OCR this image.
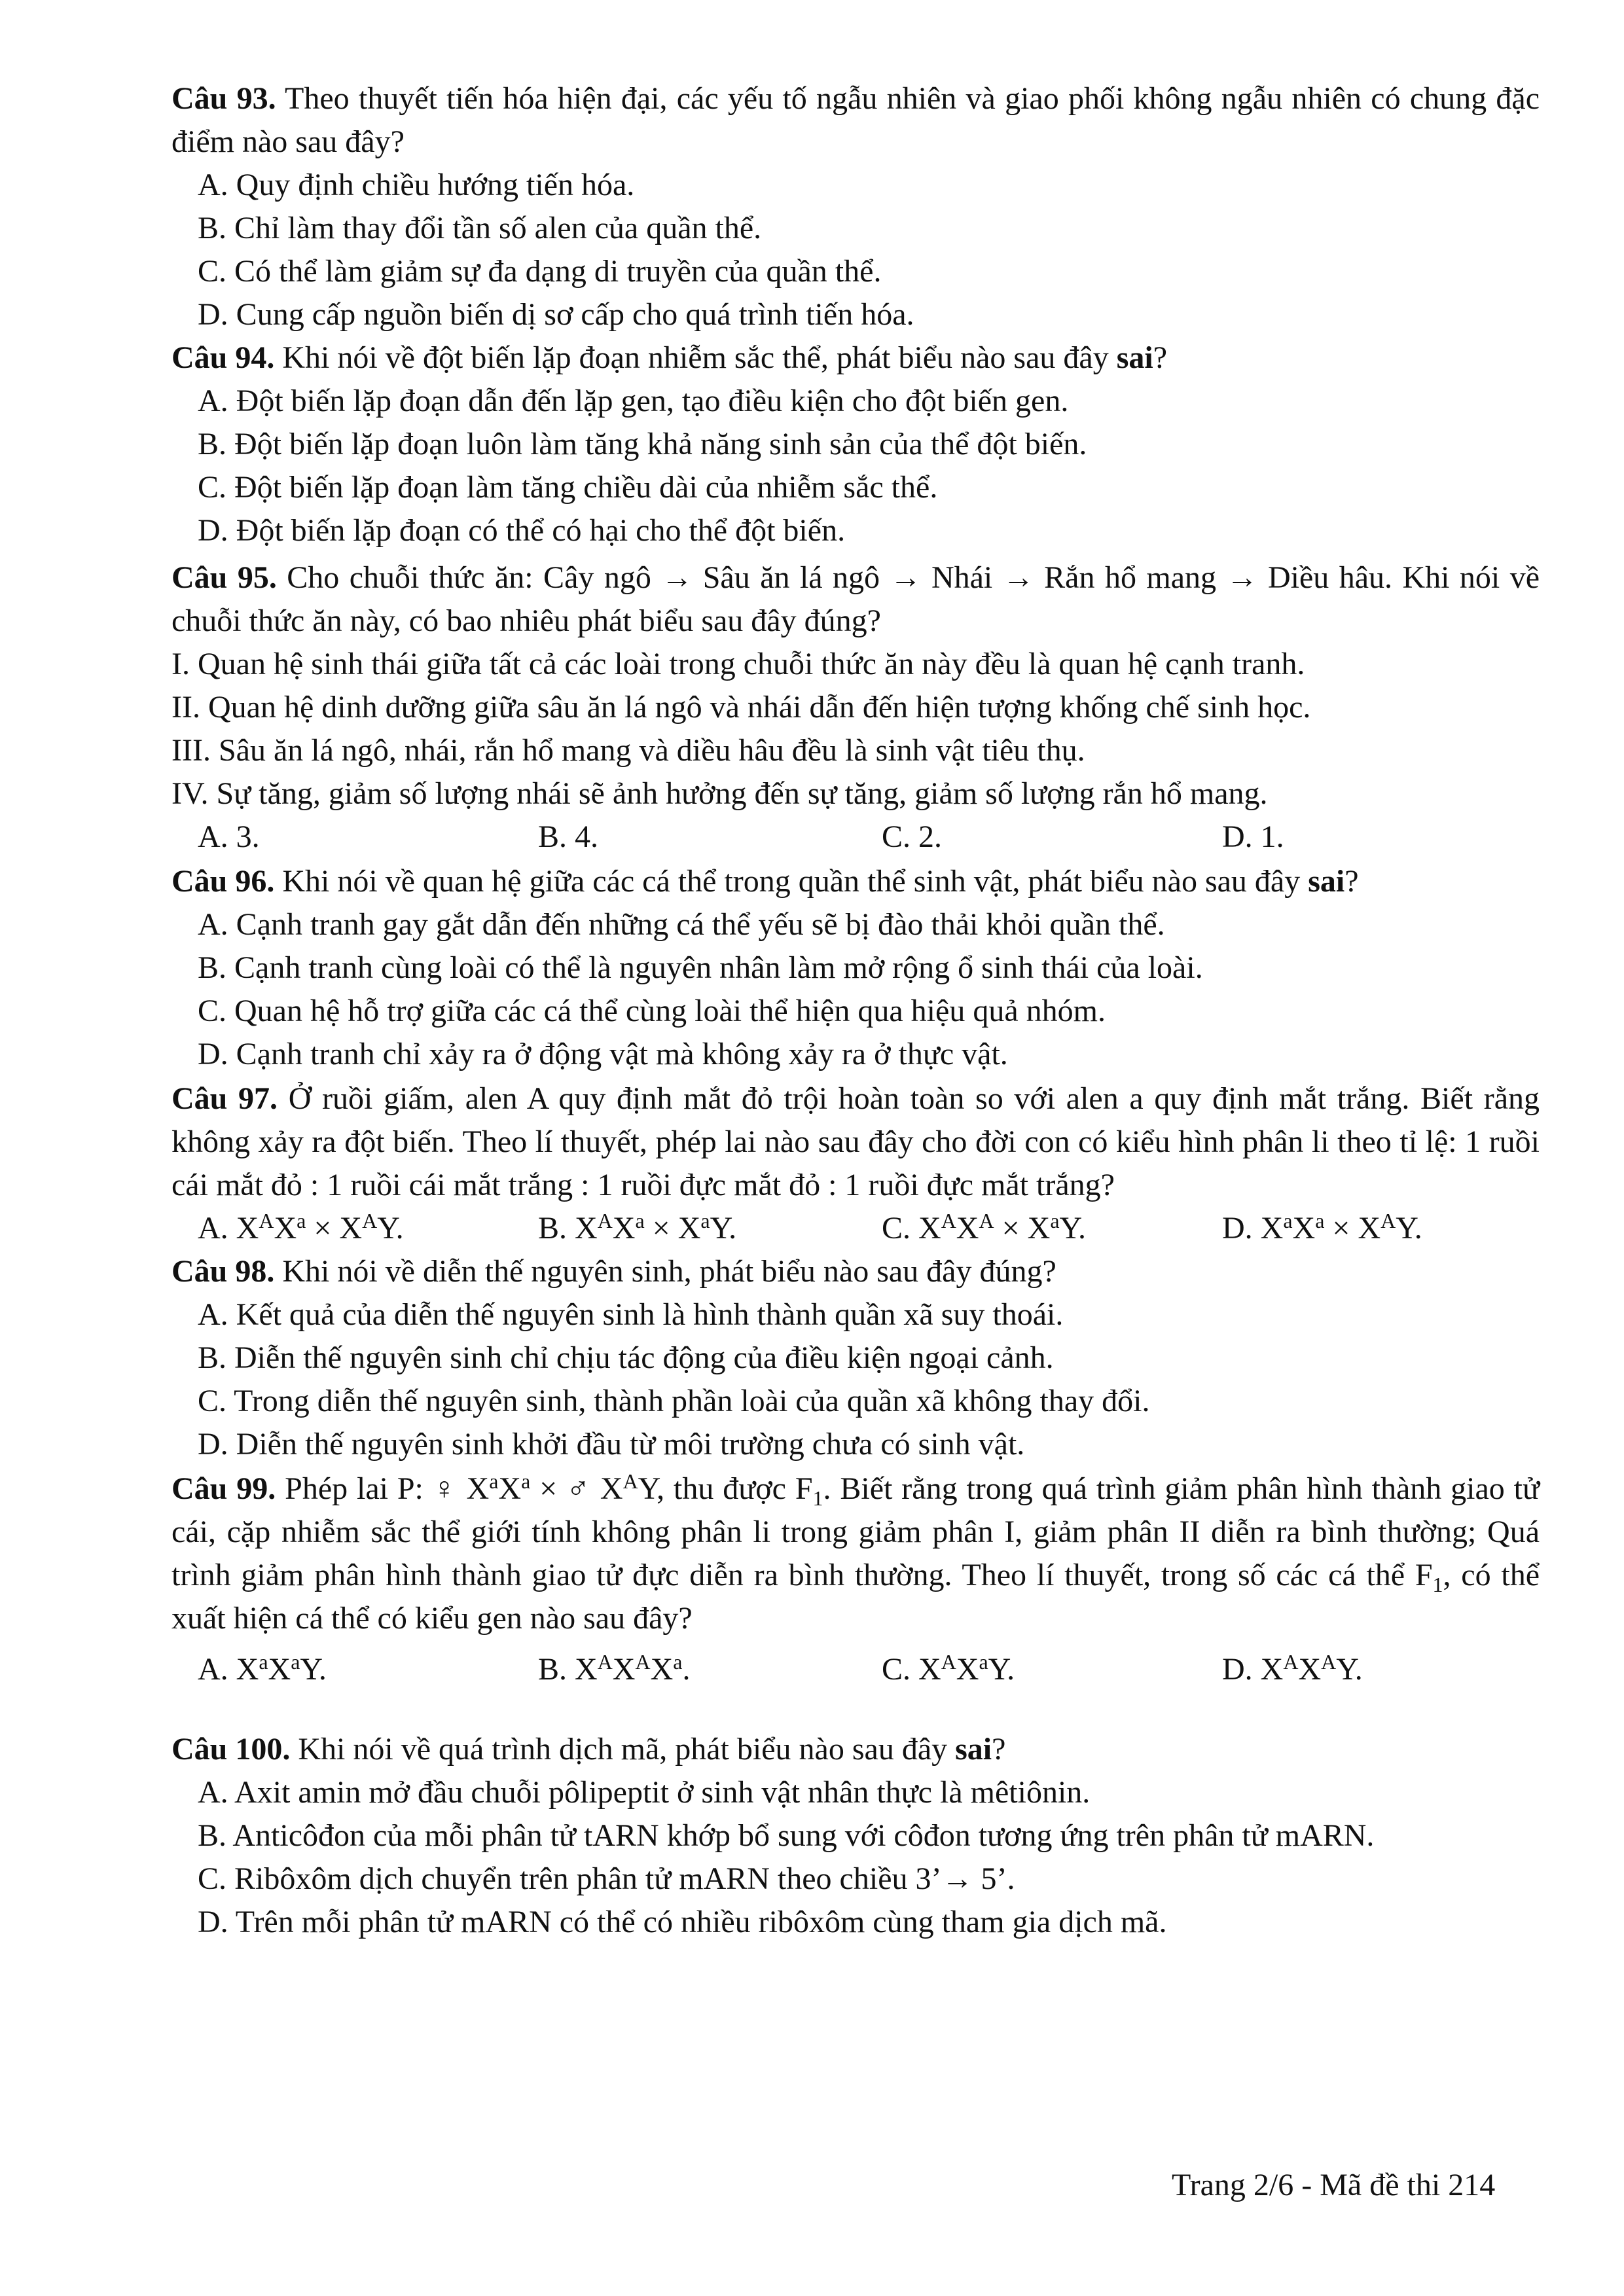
Câu 93. Theo thuyết tiến hóa hiện đại, các yếu tố ngẫu nhiên và giao phối không ngẫu nhiên có chung đặc điểm nào sau đây?
A. Quy định chiều hướng tiến hóa.
B. Chỉ làm thay đổi tần số alen của quần thể.
C. Có thể làm giảm sự đa dạng di truyền của quần thể.
D. Cung cấp nguồn biến dị sơ cấp cho quá trình tiến hóa.
Câu 94. Khi nói về đột biến lặp đoạn nhiễm sắc thể, phát biểu nào sau đây sai?
A. Đột biến lặp đoạn dẫn đến lặp gen, tạo điều kiện cho đột biến gen.
B. Đột biến lặp đoạn luôn làm tăng khả năng sinh sản của thể đột biến.
C. Đột biến lặp đoạn làm tăng chiều dài của nhiễm sắc thể.
D. Đột biến lặp đoạn có thể có hại cho thể đột biến.
Câu 95. Cho chuỗi thức ăn: Cây ngô → Sâu ăn lá ngô → Nhái → Rắn hổ mang → Diều hâu. Khi nói về chuỗi thức ăn này, có bao nhiêu phát biểu sau đây đúng?
I. Quan hệ sinh thái giữa tất cả các loài trong chuỗi thức ăn này đều là quan hệ cạnh tranh.
II. Quan hệ dinh dưỡng giữa sâu ăn lá ngô và nhái dẫn đến hiện tượng khống chế sinh học.
III. Sâu ăn lá ngô, nhái, rắn hổ mang và diều hâu đều là sinh vật tiêu thụ.
IV. Sự tăng, giảm số lượng nhái sẽ ảnh hưởng đến sự tăng, giảm số lượng rắn hổ mang.
A. 3.	B. 4.	C. 2.	D. 1.
Câu 96. Khi nói về quan hệ giữa các cá thể trong quần thể sinh vật, phát biểu nào sau đây sai?
A. Cạnh tranh gay gắt dẫn đến những cá thể yếu sẽ bị đào thải khỏi quần thể.
B. Cạnh tranh cùng loài có thể là nguyên nhân làm mở rộng ổ sinh thái của loài.
C. Quan hệ hỗ trợ giữa các cá thể cùng loài thể hiện qua hiệu quả nhóm.
D. Cạnh tranh chỉ xảy ra ở động vật mà không xảy ra ở thực vật.
Câu 97. Ở ruồi giấm, alen A quy định mắt đỏ trội hoàn toàn so với alen a quy định mắt trắng. Biết rằng không xảy ra đột biến. Theo lí thuyết, phép lai nào sau đây cho đời con có kiểu hình phân li theo tỉ lệ: 1 ruồi cái mắt đỏ : 1 ruồi cái mắt trắng : 1 ruồi đực mắt đỏ : 1 ruồi đực mắt trắng?
A. $X^AX^a \times X^AY$.	B. $X^AX^a \times X^aY$.	C. $X^AX^A \times X^aY$.	D. $X^aX^a \times X^AY$.
Câu 98. Khi nói về diễn thế nguyên sinh, phát biểu nào sau đây đúng?
A. Kết quả của diễn thế nguyên sinh là hình thành quần xã suy thoái.
B. Diễn thế nguyên sinh chỉ chịu tác động của điều kiện ngoại cảnh.
C. Trong diễn thế nguyên sinh, thành phần loài của quần xã không thay đổi.
D. Diễn thế nguyên sinh khởi đầu từ môi trường chưa có sinh vật.
Câu 99. Phép lai P: ♀ $X^aX^a$ × ♂ $X^AY$, thu được $F_1$. Biết rằng trong quá trình giảm phân hình thành giao tử cái, cặp nhiễm sắc thể giới tính không phân li trong giảm phân I, giảm phân II diễn ra bình thường; Quá trình giảm phân hình thành giao tử đực diễn ra bình thường. Theo lí thuyết, trong số các cá thể $F_1$, có thể xuất hiện cá thể có kiểu gen nào sau đây?
A. $X^aX^aY$.	B. $X^AX^AX^a$.	C. $X^AX^aY$.	D. $X^AX^AY$.
Câu 100. Khi nói về quá trình dịch mã, phát biểu nào sau đây sai?
A. Axit amin mở đầu chuỗi pôlipeptit ở sinh vật nhân thực là mêtiônin.
B. Anticôđon của mỗi phân tử tARN khớp bổ sung với côđon tương ứng trên phân tử mARN.
C. Ribôxôm dịch chuyển trên phân tử mARN theo chiều 3’→ 5’.
D. Trên mỗi phân tử mARN có thể có nhiều ribôxôm cùng tham gia dịch mã.
Trang 2/6 - Mã đề thi 214
